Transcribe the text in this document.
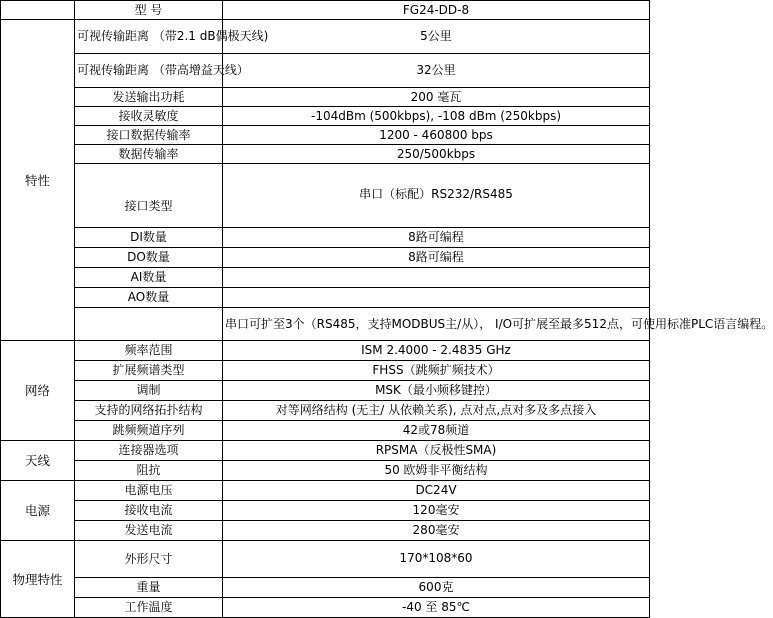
	型 号	FG24-DD-8
特性	可视传输距离 （带2.1 dB偶极天线)	5公里
	可视传输距离 （带高增益天线）	32公里
	发送输出功耗	200 毫瓦
	接收灵敏度	-104dBm (500kbps), -108 dBm (250kbps)
	接口数据传输率	1200 - 460800 bps
	数据传输率	250/500kbps
	接口类型	串口（标配）RS232/RS485
	DI数量	8路可编程
	DO数量	8路可编程
	AI数量	
	AO数量	
		串口可扩至3个（RS485，支持MODBUS主/从）， I/O可扩展至最多512点，可使用标准PLC语言编程。
网络	频率范围	ISM 2.4000 - 2.4835 GHz
	扩展频谱类型	FHSS（跳频扩频技术）
	调制	MSK（最小频移键控）
	支持的网络拓扑结构	对等网络结构 (无主/ 从依赖关系), 点对点,点对多及多点接入
	跳频频道序列	42或78频道
天线	连接器选项	RPSMA（反极性SMA)
	阻抗	50 欧姆非平衡结构
电源	电源电压	DC24V
	接收电流	120毫安
	发送电流	280毫安
物理特性	外形尺寸	170*108*60
	重量	600克
	工作温度	-40 至 85℃
